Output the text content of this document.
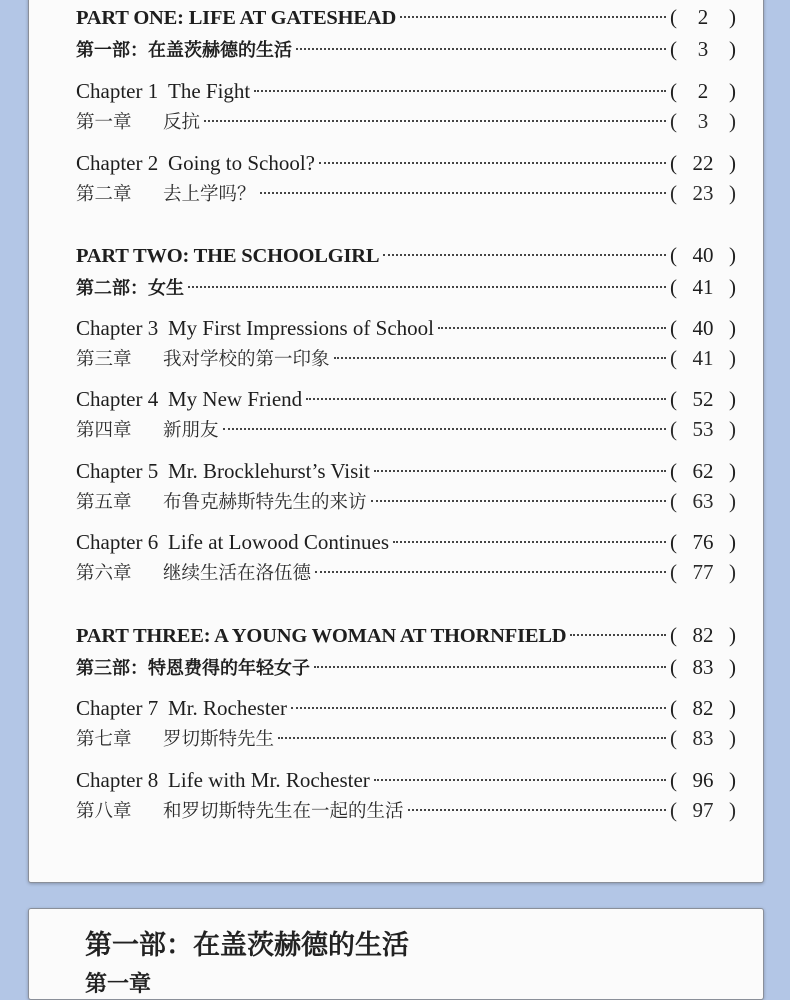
PART ONE: LIFE AT GATESHEAD	( 2 )
第一部：在盖茨赫德的生活	( 3 )
Chapter 1 The Fight	( 2 )
第一章 反抗	( 3 )
Chapter 2 Going to School?	( 22 )
第二章 去上学吗？	( 23 )
PART TWO: THE SCHOOLGIRL	( 40 )
第二部：女生	( 41 )
Chapter 3 My First Impressions of School	( 40 )
第三章 我对学校的第一印象	( 41 )
Chapter 4 My New Friend	( 52 )
第四章 新朋友	( 53 )
Chapter 5 Mr. Brocklehurst’s Visit	( 62 )
第五章 布鲁克赫斯特先生的来访	( 63 )
Chapter 6 Life at Lowood Continues	( 76 )
第六章 继续生活在洛伍德	( 77 )
PART THREE: A YOUNG WOMAN AT THORNFIELD	( 82 )
第三部：特恩费得的年轻女子	( 83 )
Chapter 7 Mr. Rochester	( 82 )
第七章 罗切斯特先生	( 83 )
Chapter 8 Life with Mr. Rochester	( 96 )
第八章 和罗切斯特先生在一起的生活	( 97 )
第一部：在盖茨赫德的生活
第一章
